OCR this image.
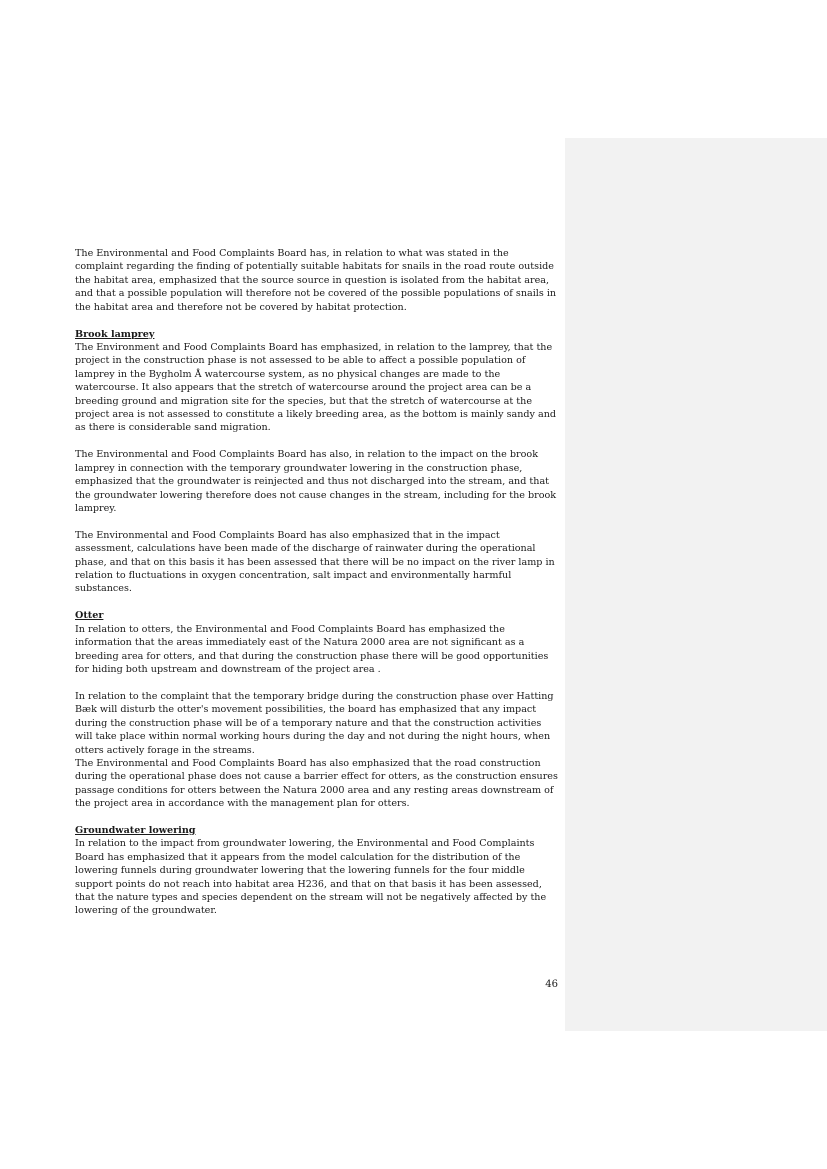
The Environmental and Food Complaints Board has, in relation to what was stated in the complaint regarding the finding of potentially suitable habitats for snails in the road route outside the habitat area, emphasized that the source source in question is isolated from the habitat area, and that a possible population will therefore not be covered of the possible populations of snails in the habitat area and therefore not be covered by habitat protection.

Brook lamprey

The Environment and Food Complaints Board has emphasized, in relation to the lamprey, that the project in the construction phase is not assessed to be able to affect a possible population of lamprey in the Bygholm Å watercourse system, as no physical changes are made to the watercourse. It also appears that the stretch of watercourse around the project area can be a breeding ground and migration site for the species, but that the stretch of watercourse at the project area is not assessed to constitute a likely breeding area, as the bottom is mainly sandy and as there is considerable sand migration.

The Environmental and Food Complaints Board has also, in relation to the impact on the brook lamprey in connection with the temporary groundwater lowering in the construction phase, emphasized that the groundwater is reinjected and thus not discharged into the stream, and that the groundwater lowering therefore does not cause changes in the stream, including for the brook lamprey.

The Environmental and Food Complaints Board has also emphasized that in the impact assessment, calculations have been made of the discharge of rainwater during the operational phase, and that on this basis it has been assessed that there will be no impact on the river lamp in relation to fluctuations in oxygen concentration, salt impact and environmentally harmful substances.

Otter

In relation to otters, the Environmental and Food Complaints Board has emphasized the information that the areas immediately east of the Natura 2000 area are not significant as a breeding area for otters, and that during the construction phase there will be good opportunities for hiding both upstream and downstream of the project area .

In relation to the complaint that the temporary bridge during the construction phase over Hatting Bæk will disturb the otter's movement possibilities, the board has emphasized that any impact during the construction phase will be of a temporary nature and that the construction activities will take place within normal working hours during the day and not during the night hours, when otters actively forage in the streams.

The Environmental and Food Complaints Board has also emphasized that the road construction during the operational phase does not cause a barrier effect for otters, as the construction ensures passage conditions for otters between the Natura 2000 area and any resting areas downstream of the project area in accordance with the management plan for otters.

Groundwater lowering

In relation to the impact from groundwater lowering, the Environmental and Food Complaints Board has emphasized that it appears from the model calculation for the distribution of the lowering funnels during groundwater lowering that the lowering funnels for the four middle support points do not reach into habitat area H236, and that on that basis it has been assessed, that the nature types and species dependent on the stream will not be negatively affected by the lowering of the groundwater.

46
